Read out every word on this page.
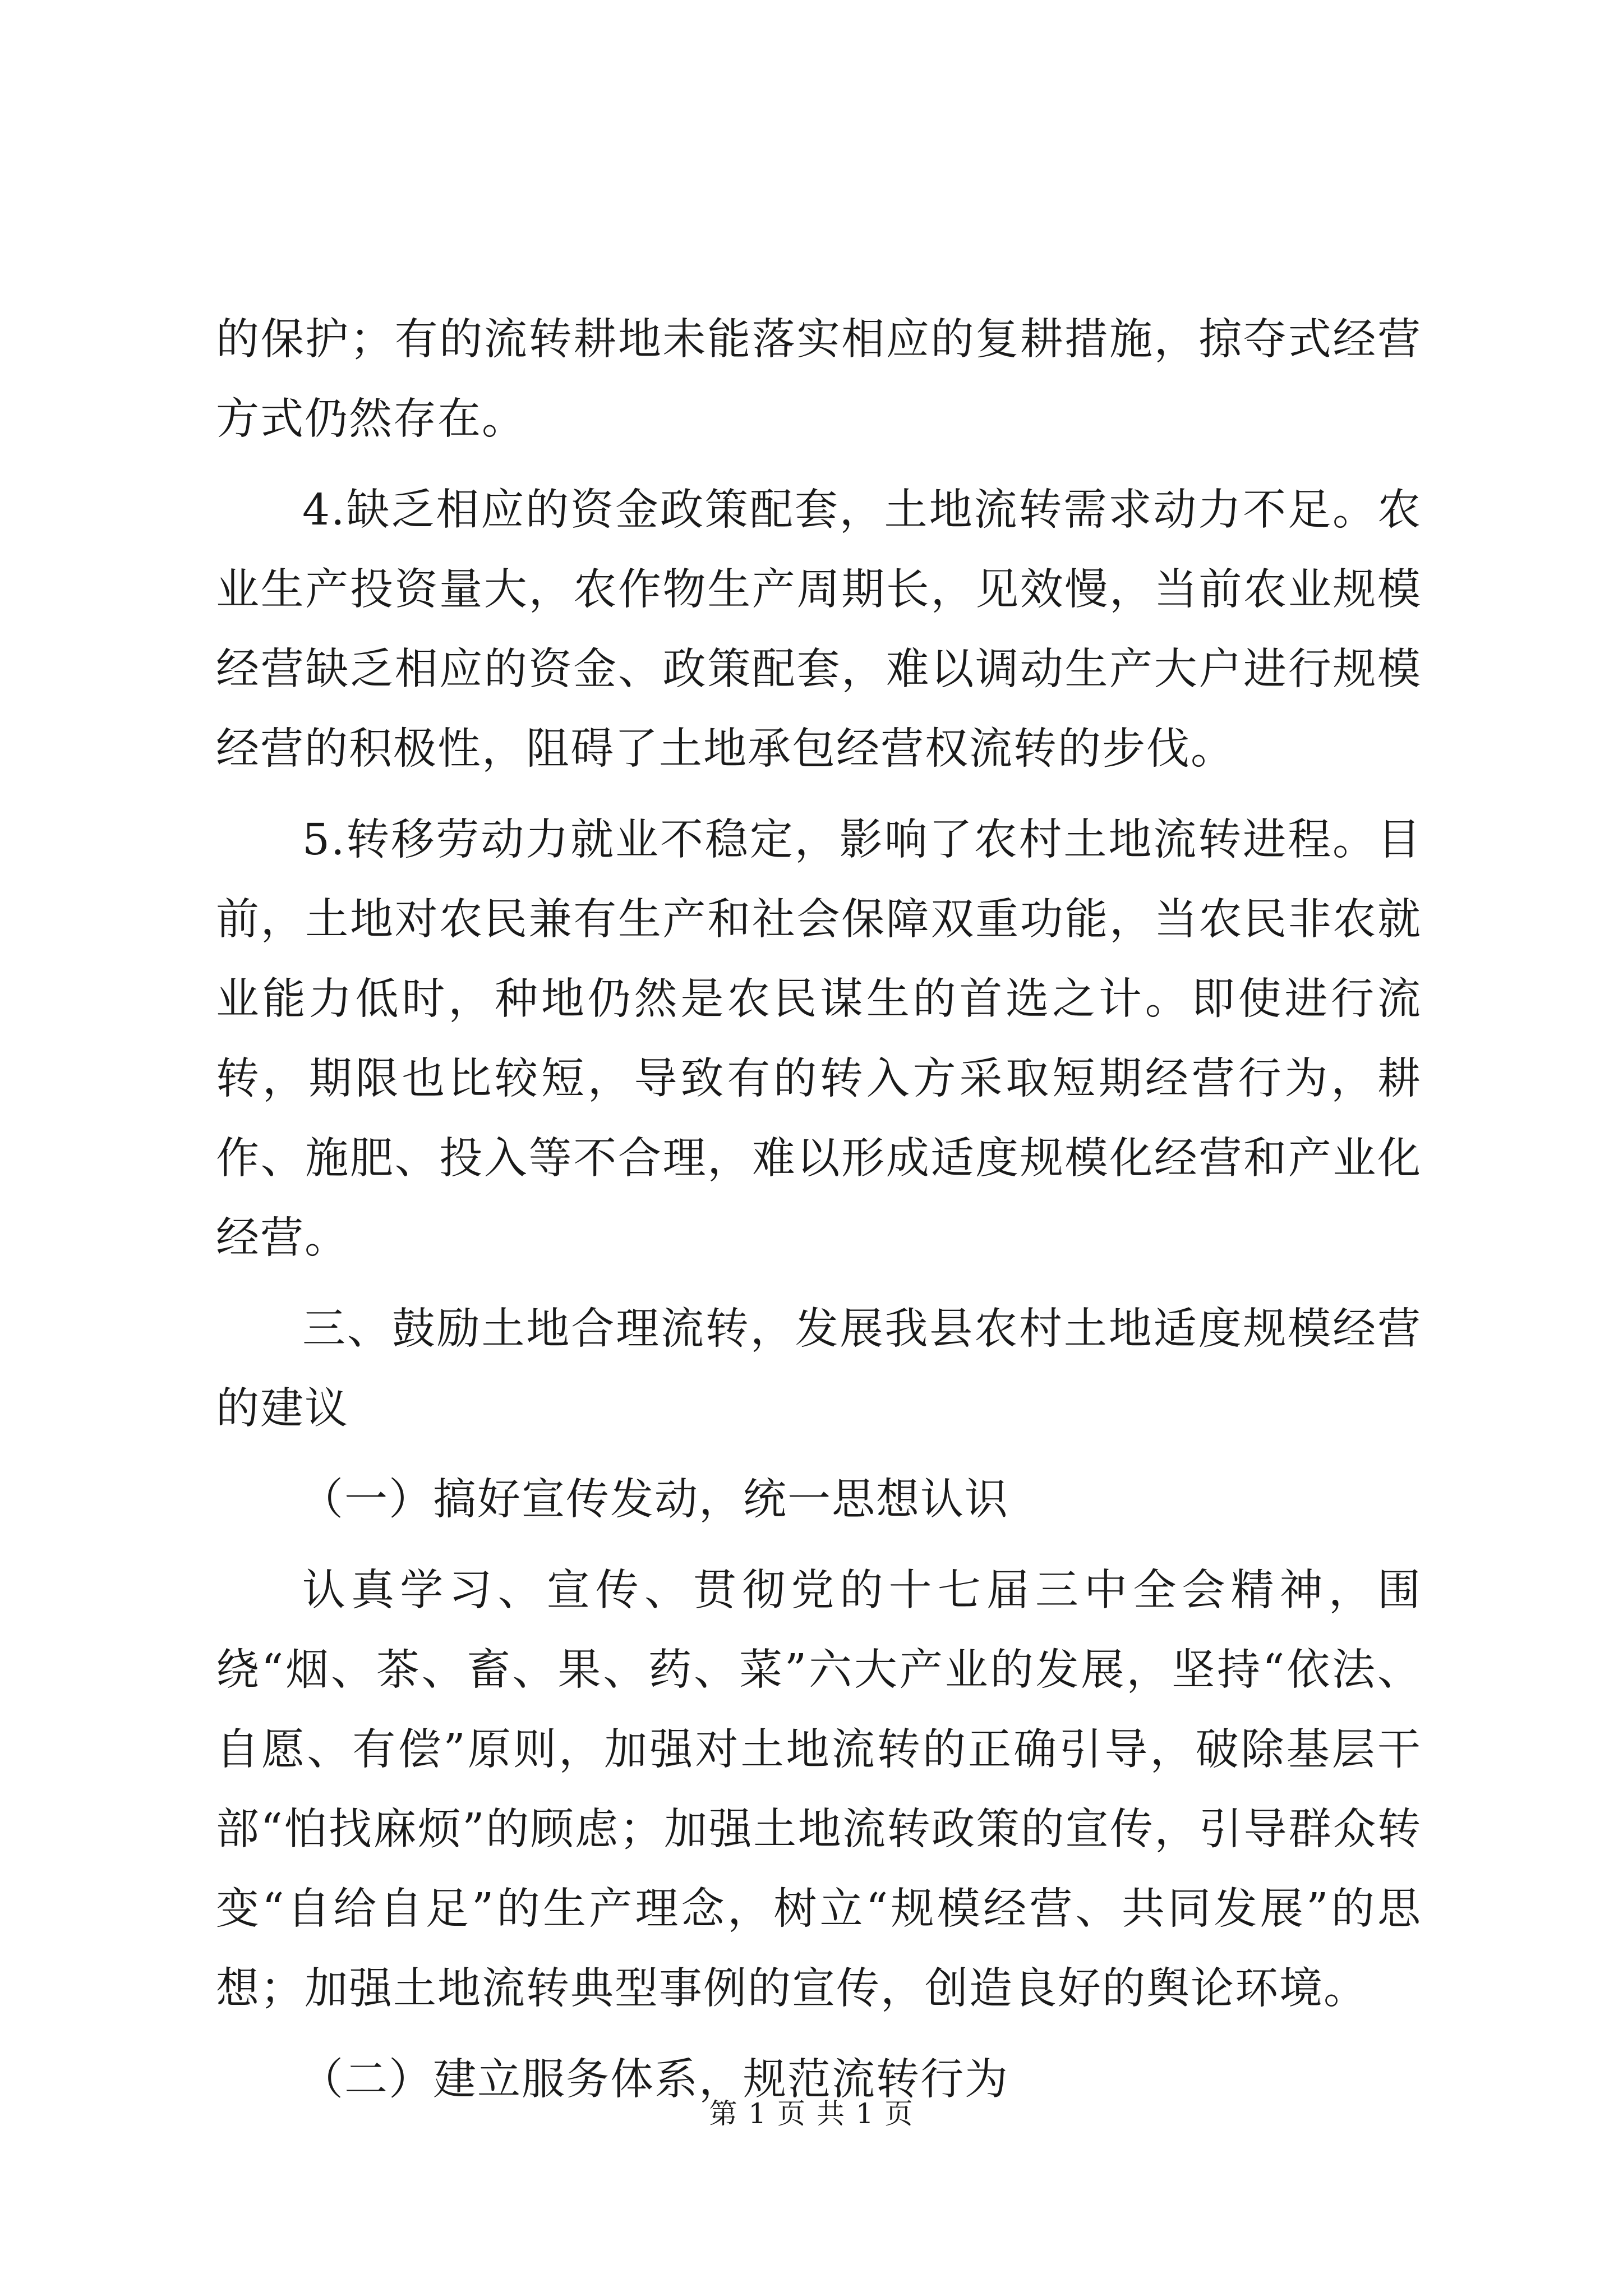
的保护；有的流转耕地未能落实相应的复耕措施，掠夺式经营方式仍然存在。

4.缺乏相应的资金政策配套，土地流转需求动力不足。农业生产投资量大，农作物生产周期长，见效慢，当前农业规模经营缺乏相应的资金、政策配套，难以调动生产大户进行规模经营的积极性，阻碍了土地承包经营权流转的步伐。

5.转移劳动力就业不稳定，影响了农村土地流转进程。目前，土地对农民兼有生产和社会保障双重功能，当农民非农就业能力低时，种地仍然是农民谋生的首选之计。即使进行流转，期限也比较短，导致有的转入方采取短期经营行为，耕作、施肥、投入等不合理，难以形成适度规模化经营和产业化经营。

三、鼓励土地合理流转，发展我县农村土地适度规模经营的建议

（一）搞好宣传发动，统一思想认识

认真学习、宣传、贯彻党的十七届三中全会精神，围绕“烟、茶、畜、果、药、菜”六大产业的发展，坚持“依法、自愿、有偿”原则，加强对土地流转的正确引导，破除基层干部“怕找麻烦”的顾虑；加强土地流转政策的宣传，引导群众转变“自给自足”的生产理念，树立“规模经营、共同发展”的思想；加强土地流转典型事例的宣传，创造良好的舆论环境。

（二）建立服务体系，规范流转行为

第 1 页 共 1 页
